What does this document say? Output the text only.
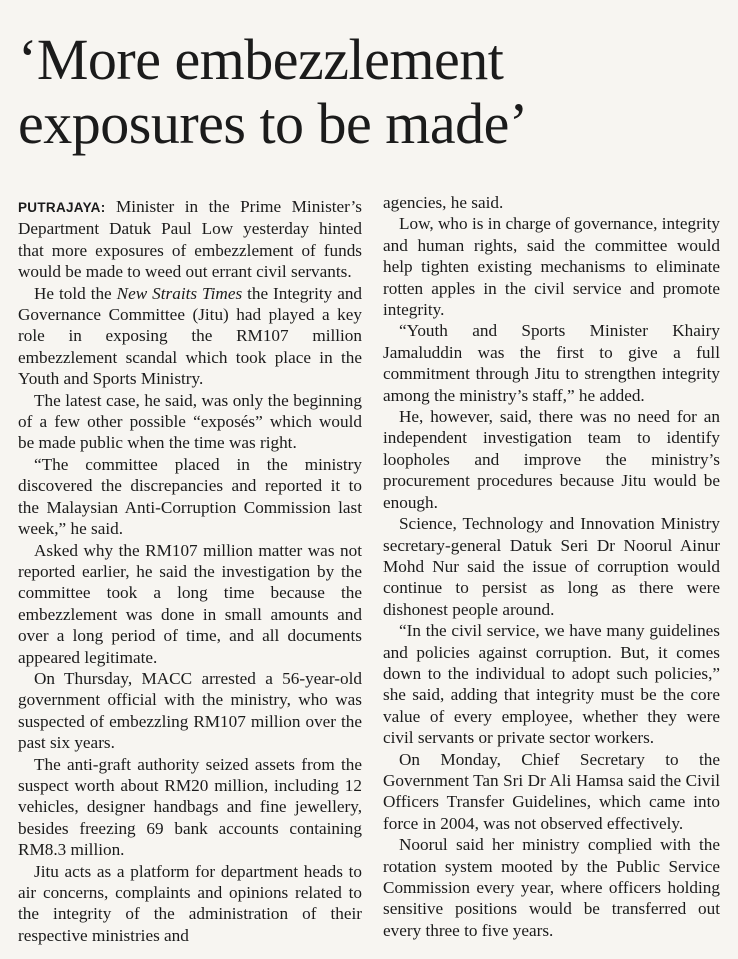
‘More embezzlement
exposures to be made’

PUTRAJAYA: Minister in the Prime Minister’s Department Datuk Paul Low yesterday hinted that more exposures of embezzlement of funds would be made to weed out errant civil servants.

He told the New Straits Times the Integrity and Governance Committee (Jitu) had played a key role in exposing the RM107 million embezzlement scandal which took place in the Youth and Sports Ministry.

The latest case, he said, was only the beginning of a few other possible “exposés” which would be made public when the time was right.

“The committee placed in the ministry discovered the discrepancies and reported it to the Malaysian Anti-Corruption Commission last week,” he said.

Asked why the RM107 million matter was not reported earlier, he said the investigation by the committee took a long time because the embezzlement was done in small amounts and over a long period of time, and all documents appeared legitimate.

On Thursday, MACC arrested a 56-year-old government official with the ministry, who was suspected of embezzling RM107 million over the past six years.

The anti-graft authority seized assets from the suspect worth about RM20 million, including 12 vehicles, designer handbags and fine jewellery, besides freezing 69 bank accounts containing RM8.3 million.

Jitu acts as a platform for department heads to air concerns, complaints and opinions related to the integrity of the administration of their respective ministries and

agencies, he said.

Low, who is in charge of governance, integrity and human rights, said the committee would help tighten existing mechanisms to eliminate rotten apples in the civil service and promote integrity.

“Youth and Sports Minister Khairy Jamaluddin was the first to give a full commitment through Jitu to strengthen integrity among the ministry’s staff,” he added.

He, however, said, there was no need for an independent investigation team to identify loopholes and improve the ministry’s procurement procedures because Jitu would be enough.

Science, Technology and Innovation Ministry secretary-general Datuk Seri Dr Noorul Ainur Mohd Nur said the issue of corruption would continue to persist as long as there were dishonest people around.

“In the civil service, we have many guidelines and policies against corruption. But, it comes down to the individual to adopt such policies,” she said, adding that integrity must be the core value of every employee, whether they were civil servants or private sector workers.

On Monday, Chief Secretary to the Government Tan Sri Dr Ali Hamsa said the Civil Officers Transfer Guidelines, which came into force in 2004, was not observed effectively.

Noorul said her ministry complied with the rotation system mooted by the Public Service Commission every year, where officers holding sensitive positions would be transferred out every three to five years.
